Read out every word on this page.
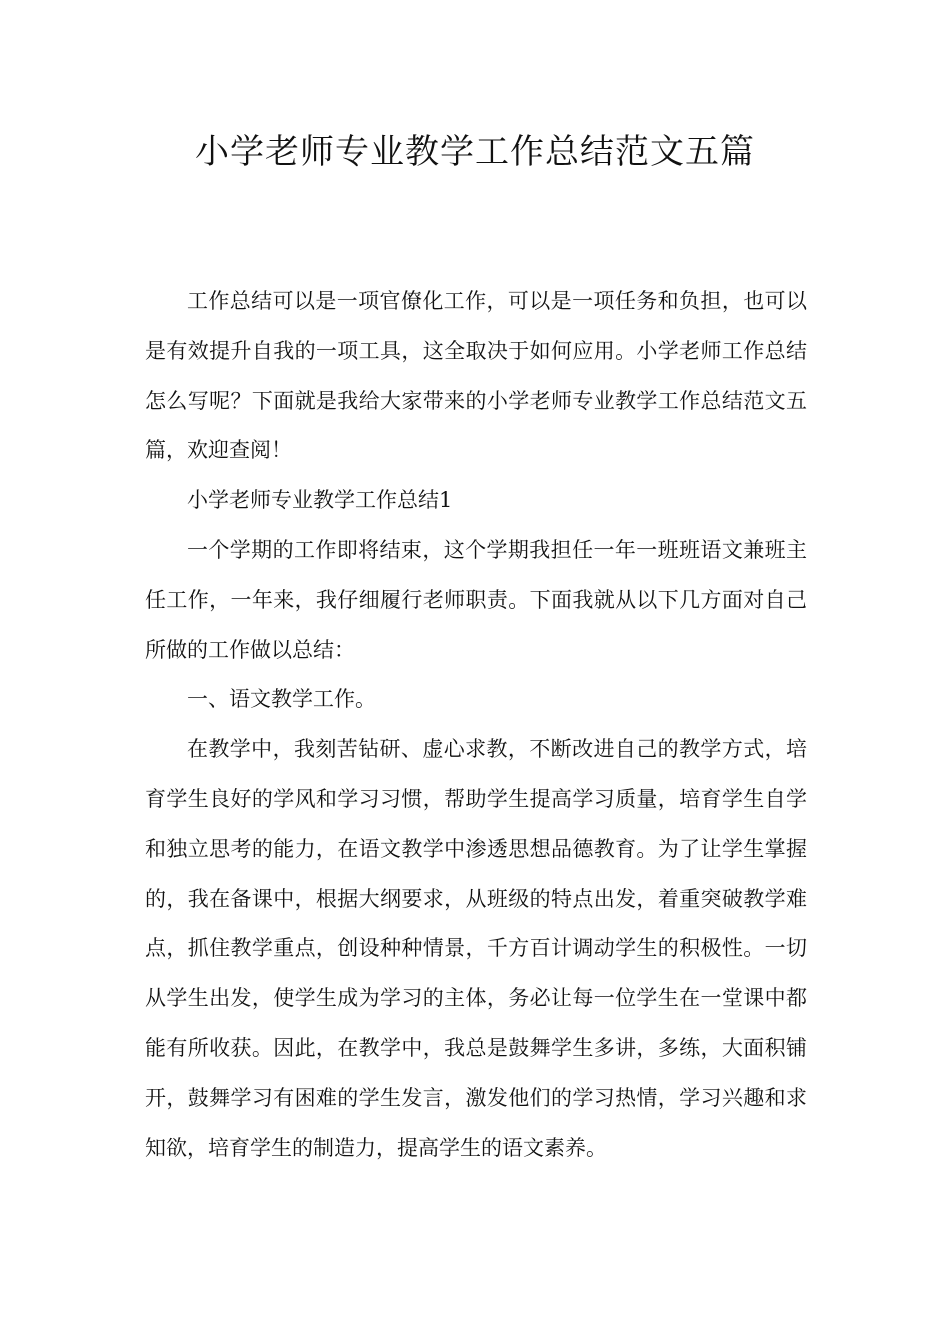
小学老师专业教学工作总结范文五篇

工作总结可以是一项官僚化工作，可以是一项任务和负担，也可以是有效提升自我的一项工具，这全取决于如何应用。小学老师工作总结怎么写呢？下面就是我给大家带来的小学老师专业教学工作总结范文五篇，欢迎查阅！

小学老师专业教学工作总结1

一个学期的工作即将结束，这个学期我担任一年一班班语文兼班主任工作，一年来，我仔细履行老师职责。下面我就从以下几方面对自己所做的工作做以总结：

一、语文教学工作。

在教学中，我刻苦钻研、虚心求教，不断改进自己的教学方式，培育学生良好的学风和学习习惯，帮助学生提高学习质量，培育学生自学和独立思考的能力，在语文教学中渗透思想品德教育。为了让学生掌握的，我在备课中，根据大纲要求，从班级的特点出发，着重突破教学难点，抓住教学重点，创设种种情景，千方百计调动学生的积极性。一切从学生出发，使学生成为学习的主体，务必让每一位学生在一堂课中都能有所收获。因此，在教学中，我总是鼓舞学生多讲，多练，大面积铺开，鼓舞学习有困难的学生发言，激发他们的学习热情，学习兴趣和求知欲，培育学生的制造力，提高学生的语文素养。
